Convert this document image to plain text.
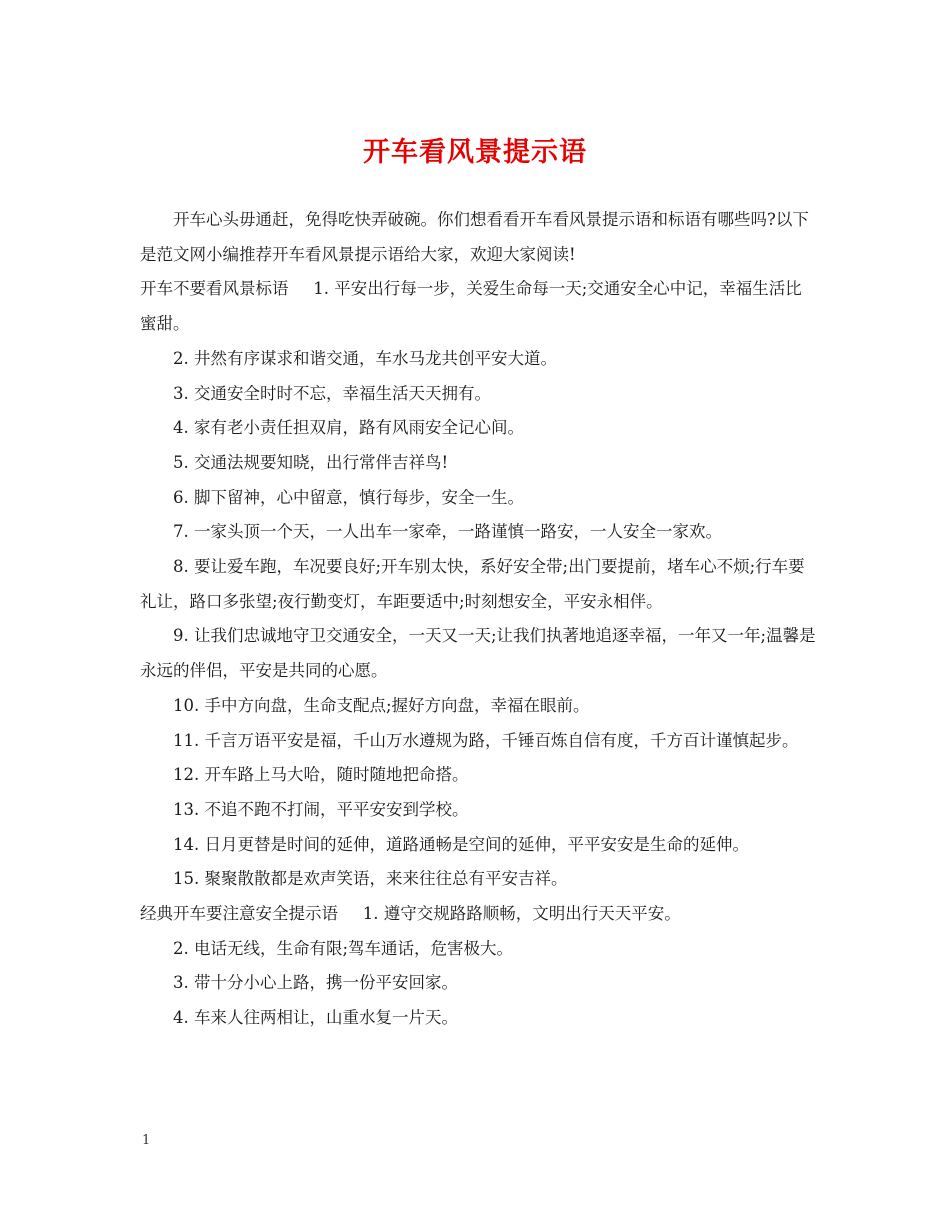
开车看风景提示语

开车心头毋通赶，免得吃快弄破碗。你们想看看开车看风景提示语和标语有哪些吗?以下是范文网小编推荐开车看风景提示语给大家，欢迎大家阅读!

开车不要看风景标语   1. 平安出行每一步，关爱生命每一天;交通安全心中记，幸福生活比蜜甜。

2. 井然有序谋求和谐交通，车水马龙共创平安大道。

3. 交通安全时时不忘，幸福生活天天拥有。

4. 家有老小责任担双肩，路有风雨安全记心间。

5. 交通法规要知晓，出行常伴吉祥鸟!

6. 脚下留神，心中留意，慎行每步，安全一生。

7. 一家头顶一个天，一人出车一家牵，一路谨慎一路安，一人安全一家欢。

8. 要让爱车跑，车况要良好;开车别太快，系好安全带;出门要提前，堵车心不烦;行车要礼让，路口多张望;夜行勤变灯，车距要适中;时刻想安全，平安永相伴。

9. 让我们忠诚地守卫交通安全，一天又一天;让我们执著地追逐幸福，一年又一年;温馨是永远的伴侣，平安是共同的心愿。

10. 手中方向盘，生命支配点;握好方向盘，幸福在眼前。

11. 千言万语平安是福，千山万水遵规为路，千锤百炼自信有度，千方百计谨慎起步。

12. 开车路上马大哈，随时随地把命搭。

13. 不追不跑不打闹，平平安安到学校。

14. 日月更替是时间的延伸，道路通畅是空间的延伸，平平安安是生命的延伸。

15. 聚聚散散都是欢声笑语，来来往往总有平安吉祥。

经典开车要注意安全提示语   1. 遵守交规路路顺畅，文明出行天天平安。

2. 电话无线，生命有限;驾车通话，危害极大。

3. 带十分小心上路，携一份平安回家。

4. 车来人往两相让，山重水复一片天。

1
